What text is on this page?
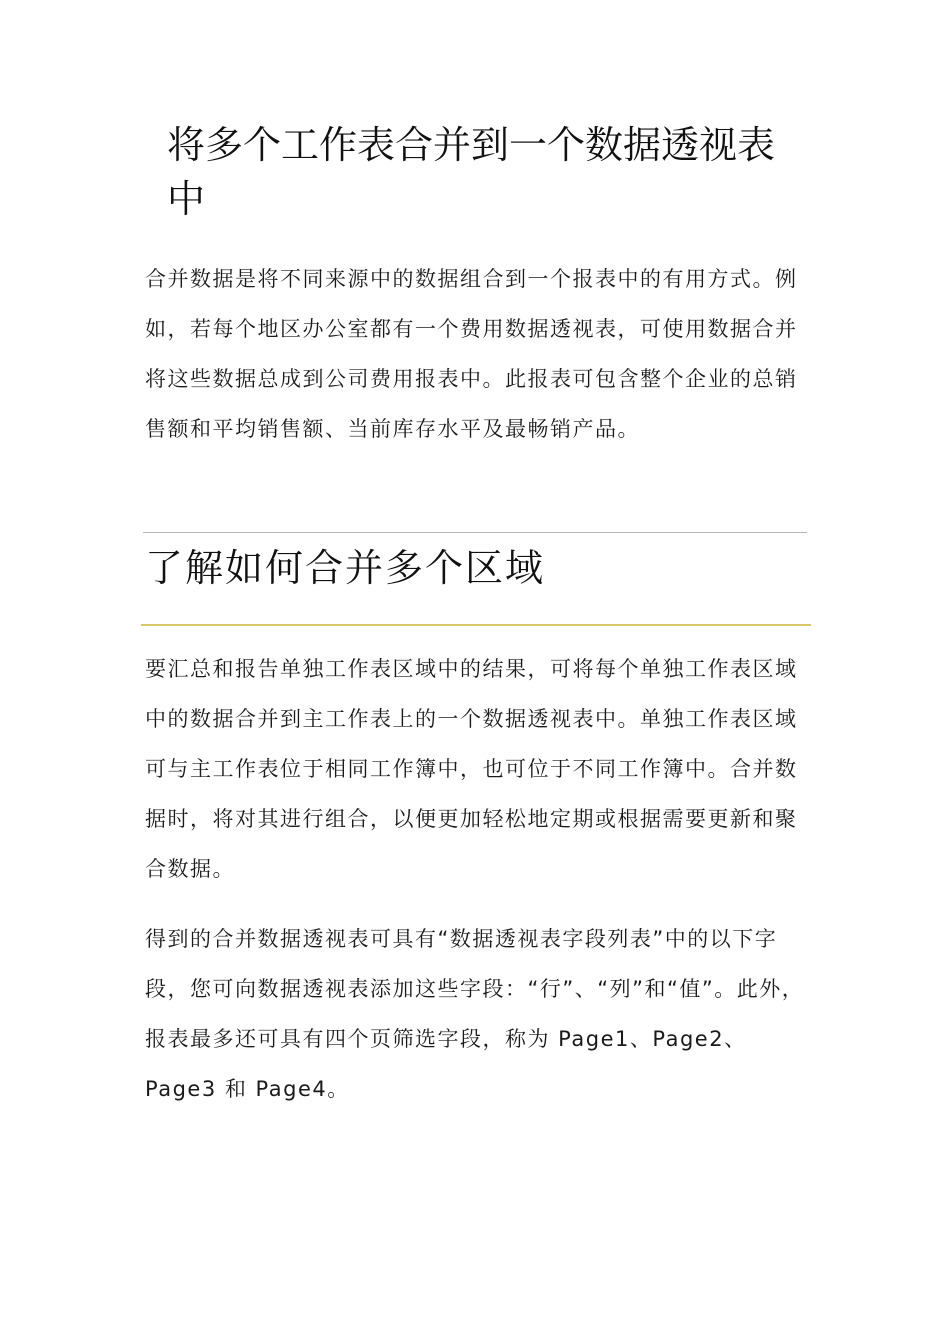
将多个工作表合并到一个数据透视表中

合并数据是将不同来源中的数据组合到一个报表中的有用方式。例如，若每个地区办公室都有一个费用数据透视表，可使用数据合并将这些数据总成到公司费用报表中。此报表可包含整个企业的总销售额和平均销售额、当前库存水平及最畅销产品。

了解如何合并多个区域

要汇总和报告单独工作表区域中的结果，可将每个单独工作表区域中的数据合并到主工作表上的一个数据透视表中。单独工作表区域可与主工作表位于相同工作簿中，也可位于不同工作簿中。合并数据时，将对其进行组合，以便更加轻松地定期或根据需要更新和聚合数据。

得到的合并数据透视表可具有“数据透视表字段列表”中的以下字段，您可向数据透视表添加这些字段：“行”、“列”和“值”。此外，报表最多还可具有四个页筛选字段，称为 Page1、Page2、Page3 和 Page4。
